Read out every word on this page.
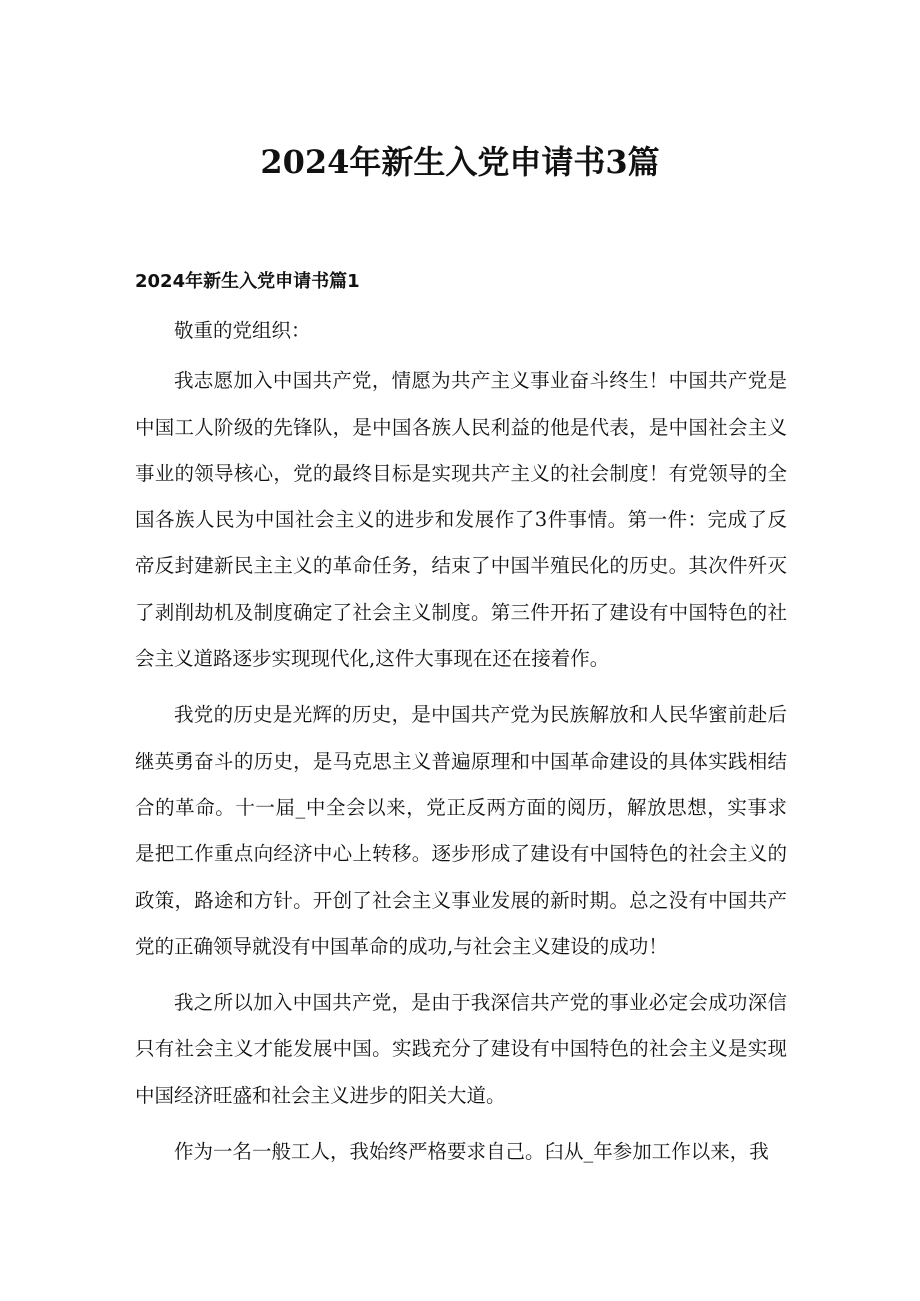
2024年新生入党申请书3篇
2024年新生入党申请书篇1

敬重的党组织：

我志愿加入中国共产党，情愿为共产主义事业奋斗终生！中国共产党是中国工人阶级的先锋队，是中国各族人民利益的他是代表，是中国社会主义事业的领导核心，党的最终目标是实现共产主义的社会制度！有党领导的全国各族人民为中国社会主义的进步和发展作了3件事情。第一件：完成了反帝反封建新民主主义的革命任务，结束了中国半殖民化的历史。其次件歼灭了剥削劫机及制度确定了社会主义制度。第三件开拓了建设有中国特色的社会主义道路逐步实现现代化,这件大事现在还在接着作。

我党的历史是光辉的历史，是中国共产党为民族解放和人民华蜜前赴后继英勇奋斗的历史，是马克思主义普遍原理和中国革命建设的具体实践相结合的革命。十一届_中全会以来，党正反两方面的阅历，解放思想，实事求是把工作重点向经济中心上转移。逐步形成了建设有中国特色的社会主义的政策，路途和方针。开创了社会主义事业发展的新时期。总之没有中国共产党的正确领导就没有中国革命的成功,与社会主义建设的成功！

我之所以加入中国共产党，是由于我深信共产党的事业必定会成功深信只有社会主义才能发展中国。实践充分了建设有中国特色的社会主义是实现中国经济旺盛和社会主义进步的阳关大道。

作为一名一般工人，我始终严格要求自己。臼从_年参加工作以来，我
